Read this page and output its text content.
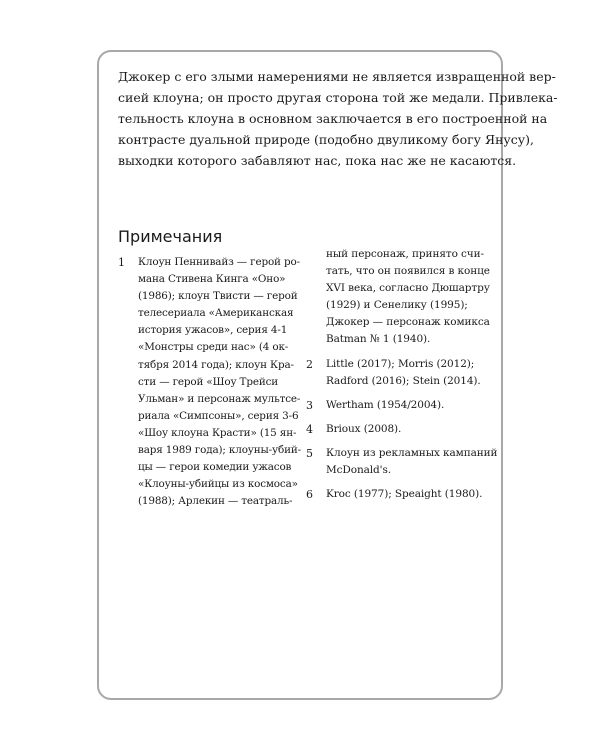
Джокер с его злыми намерениями не является извращенной вер-
сией клоуна; он просто другая сторона той же медали. Привлека-
тельность клоуна в основном заключается в его построенной на
контрасте дуальной природе (подобно двуликому богу Янусу),
выходки которого забавляют нас, пока нас же не касаются.

Примечания
1 Клоун Пеннивайз — герой ро-
мана Стивена Кинга «Оно»
(1986); клоун Твисти — герой
телесериала «Американская
история ужасов», серия 4-1
«Монстры среди нас» (4 ок-
тября 2014 года); клоун Кра-
сти — герой «Шоу Трейси
Ульман» и персонаж мультсе-
риала «Симпсоны», серия 3-6
«Шоу клоуна Красти» (15 ян-
варя 1989 года); клоуны-убий-
цы — герои комедии ужасов
«Клоуны-убийцы из космоса»
(1988); Арлекин — театраль-
ный персонаж, принято счи-
тать, что он появился в конце
XVI века, согласно Дюшартру
(1929) и Сенелику (1995);
Джокер — персонаж комикса
Batman № 1 (1940).
2 Little (2017); Morris (2012);
Radford (2016); Stein (2014).
3 Wertham (1954/2004).
4 Brioux (2008).
5 Клоун из рекламных кампаний
McDonald's.
6 Kroc (1977); Speaight (1980).
